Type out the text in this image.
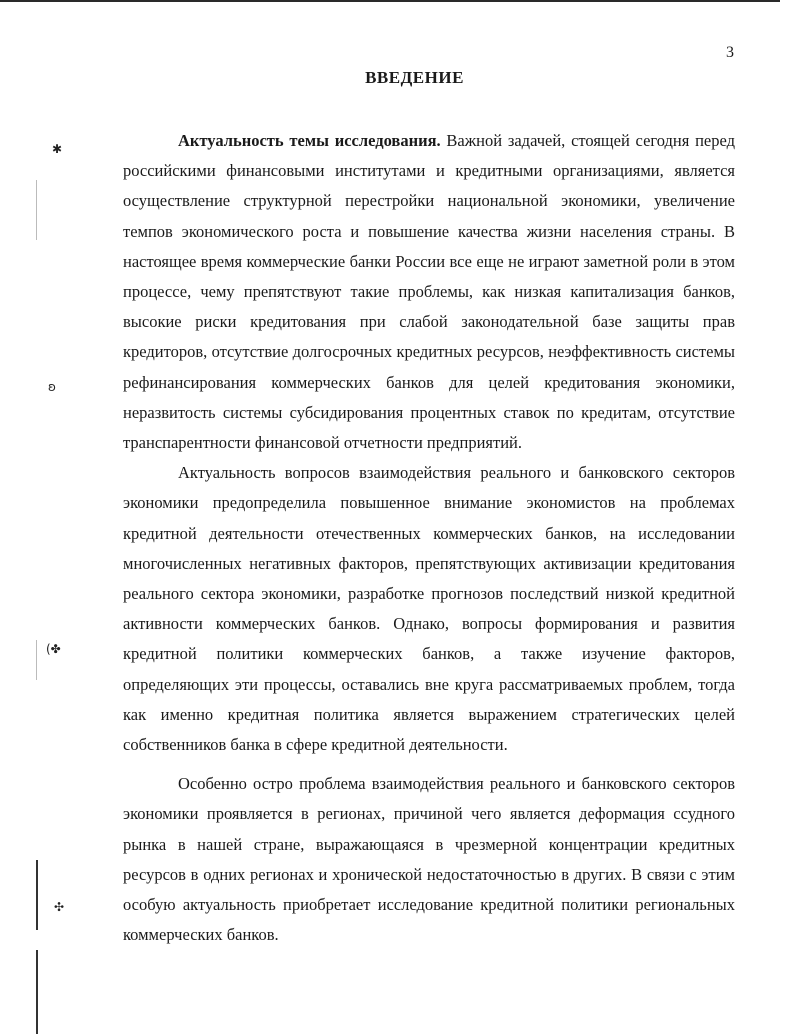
✱
ʚ
(✤
✣
3
ВВЕДЕНИЕ

Актуальность темы исследования. Важной задачей, стоящей сегодня перед российскими финансовыми институтами и кредитными организациями, является осуществление структурной перестройки национальной экономики, увеличение темпов экономического роста и повышение качества жизни населения страны. В настоящее время коммерческие банки России все еще не играют заметной роли в этом процессе, чему препятствуют такие проблемы, как низкая капитализация банков, высокие риски кредитования при слабой законодательной базе защиты прав кредиторов, отсутствие долгосрочных кредитных ресурсов, неэффективность системы рефинансирования коммерческих банков для целей кредитования экономики, неразвитость системы субсидирования процентных ставок по кредитам, отсутствие транспарентности финансовой отчетности предприятий.

Актуальность вопросов взаимодействия реального и банковского секторов экономики предопределила повышенное внимание экономистов на проблемах кредитной деятельности отечественных коммерческих банков, на исследовании многочисленных негативных факторов, препятствующих активизации кредитования реального сектора экономики, разработке прогнозов последствий низкой кредитной активности коммерческих банков. Однако, вопросы формирования и развития кредитной политики коммерческих банков, а также изучение факторов, определяющих эти процессы, оставались вне круга рассматриваемых проблем, тогда как именно кредитная политика является выражением стратегических целей собственников банка в сфере кредитной деятельности.

Особенно остро проблема взаимодействия реального и банковского секторов экономики проявляется в регионах, причиной чего является деформация ссудного рынка в нашей стране, выражающаяся в чрезмерной концентрации кредитных ресурсов в одних регионах и хронической недостаточностью в других. В связи с этим особую актуальность приобретает исследование кредитной политики региональных коммерческих банков.
